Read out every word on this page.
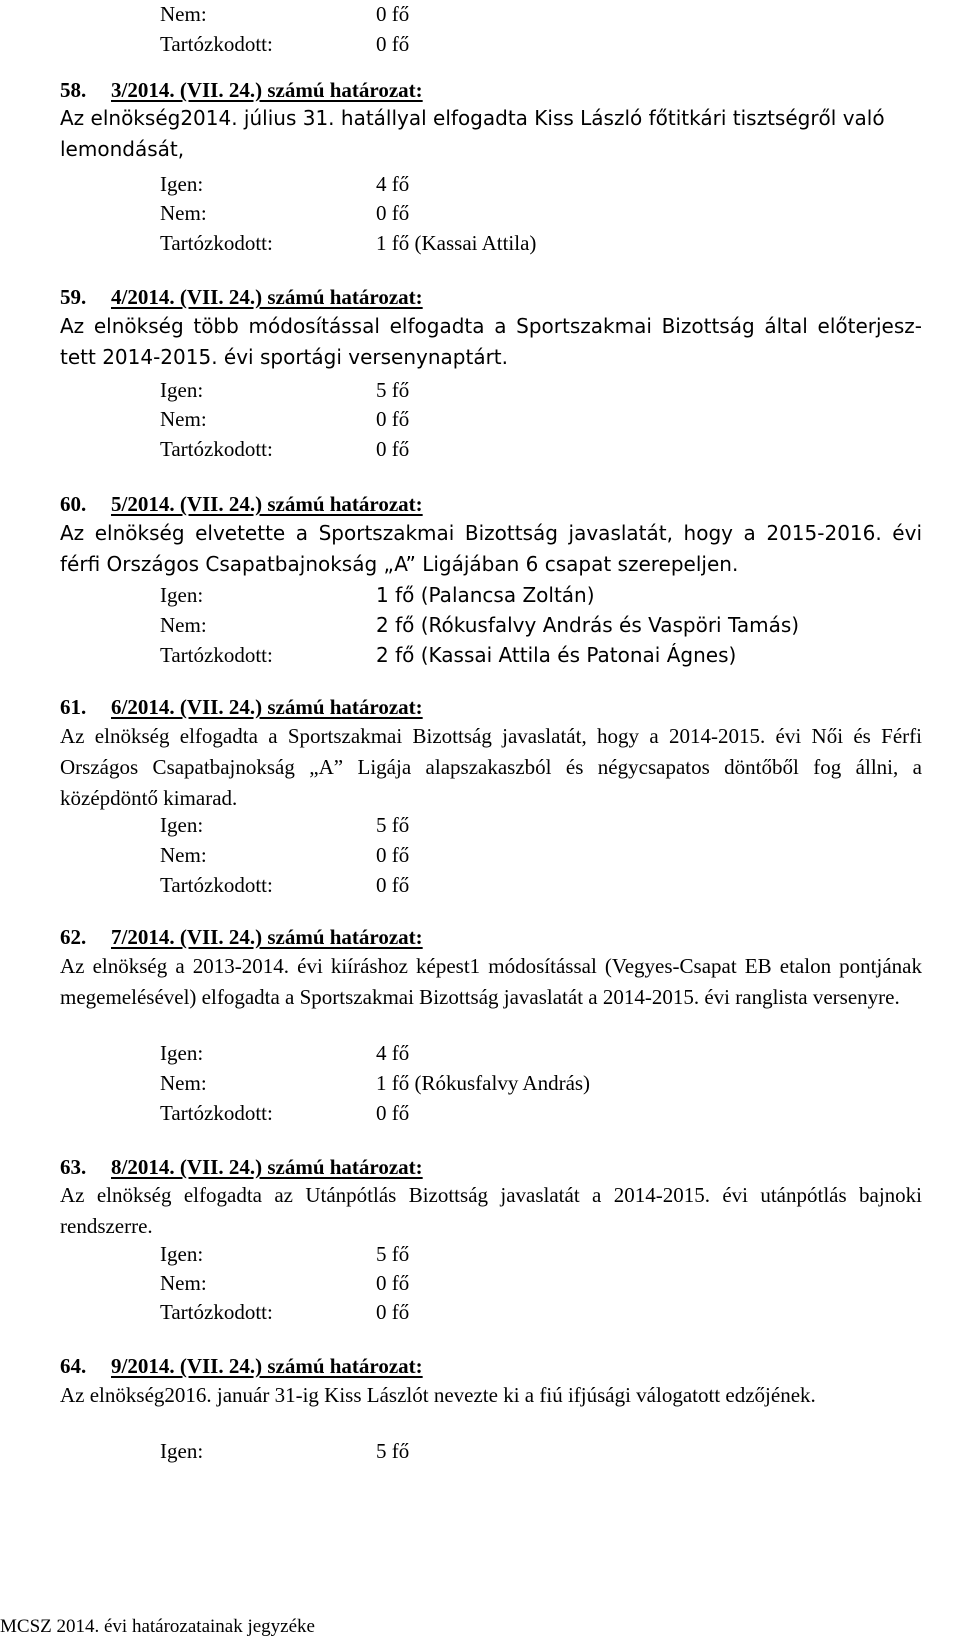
Nem:	0 fő
Tartózkodott:	0 fő
58. 3/2014. (VII. 24.) számú határozat:
Az elnökség2014. július 31. hatállyal elfogadta Kiss László főtitkári tisztségről való lemondását,
Igen:	4 fő
Nem:	0 fő
Tartózkodott:	1 fő (Kassai Attila)
59. 4/2014. (VII. 24.) számú határozat:
Az elnökség több módosítással elfogadta a Sportszakmai Bizottság által előterjesz-tett 2014-2015. évi sportági versenynaptárt.
Igen:	5 fő
Nem:	0 fő
Tartózkodott:	0 fő
60. 5/2014. (VII. 24.) számú határozat:
Az elnökség elvetette a Sportszakmai Bizottság javaslatát, hogy a 2015-2016. évi férfi Országos Csapatbajnokság „A” Ligájában 6 csapat szerepeljen.
Igen:	1 fő (Palancsa Zoltán)
Nem:	2 fő (Rókusfalvy András és Vaspöri Tamás)
Tartózkodott:	2 fő (Kassai Attila és Patonai Ágnes)
61. 6/2014. (VII. 24.) számú határozat:
Az elnökség elfogadta a Sportszakmai Bizottság javaslatát, hogy a 2014-2015. évi Női és Férfi Országos Csapatbajnokság „A” Ligája alapszakaszból és négycsapatos döntőből fog állni, a középdöntő kimarad.
Igen:	5 fő
Nem:	0 fő
Tartózkodott:	0 fő
62. 7/2014. (VII. 24.) számú határozat:
Az elnökség a 2013-2014. évi kiíráshoz képest1 módosítással (Vegyes-Csapat EB etalon pontjának megemelésével) elfogadta a Sportszakmai Bizottság javaslatát a 2014-2015. évi ranglista versenyre.
Igen:	4 fő
Nem:	1 fő (Rókusfalvy András)
Tartózkodott:	0 fő
63. 8/2014. (VII. 24.) számú határozat:
Az elnökség elfogadta az Utánpótlás Bizottság javaslatát a 2014-2015. évi utánpótlás bajnoki rendszerre.
Igen:	5 fő
Nem:	0 fő
Tartózkodott:	0 fő
64. 9/2014. (VII. 24.) számú határozat:
Az elnökség2016. január 31-ig Kiss Lászlót nevezte ki a fiú ifjúsági válogatott edzőjének.
Igen:	5 fő
MCSZ 2014. évi határozatainak jegyzéke
